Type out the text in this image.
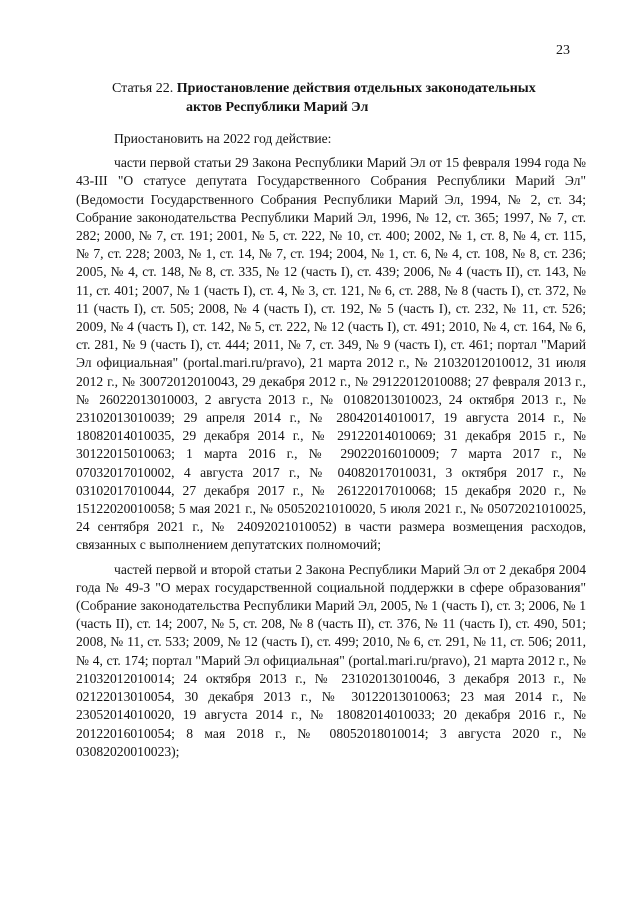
23
Статья 22. Приостановление действия отдельных законодательных
актов Республики Марий Эл

Приостановить на 2022 год действие:

части первой статьи 29 Закона Республики Марий Эл от 15 февраля 1994 года № 43-III "О статусе депутата Государственного Собрания Республики Марий Эл" (Ведомости Государственного Собрания Республики Марий Эл, 1994, № 2, ст. 34; Собрание законодательства Республики Марий Эл, 1996, № 12, ст. 365; 1997, № 7, ст. 282; 2000, № 7, ст. 191; 2001, № 5, ст. 222, № 10, ст. 400; 2002, № 1, ст. 8, № 4, ст. 115, № 7, ст. 228; 2003, № 1, ст. 14, № 7, ст. 194; 2004, № 1, ст. 6, № 4, ст. 108, № 8, ст. 236; 2005, № 4, ст. 148, № 8, ст. 335, № 12 (часть I), ст. 439; 2006, № 4 (часть II), ст. 143, № 11, ст. 401; 2007, № 1 (часть I), ст. 4, № 3, ст. 121, № 6, ст. 288, № 8 (часть I), ст. 372, № 11 (часть I), ст. 505; 2008, № 4 (часть I), ст. 192, № 5 (часть I), ст. 232, № 11, ст. 526; 2009, № 4 (часть I), ст. 142, № 5, ст. 222, № 12 (часть I), ст. 491; 2010, № 4, ст. 164, № 6, ст. 281, № 9 (часть I), ст. 444; 2011, № 7, ст. 349, № 9 (часть I), ст. 461; портал "Марий Эл официальная" (portal.mari.ru/pravo), 21 марта 2012 г., № 21032012010012, 31 июля 2012 г., № 30072012010043, 29 декабря 2012 г., № 29122012010088; 27 февраля 2013 г., № 26022013010003, 2 августа 2013 г., № 01082013010023, 24 октября 2013 г., № 23102013010039; 29 апреля 2014 г., № 28042014010017, 19 августа 2014 г., № 18082014010035, 29 декабря 2014 г., № 29122014010069; 31 декабря 2015 г., № 30122015010063; 1 марта 2016 г., № 29022016010009; 7 марта 2017 г., № 07032017010002, 4 августа 2017 г., № 04082017010031, 3 октября 2017 г., № 03102017010044, 27 декабря 2017 г., № 26122017010068; 15 декабря 2020 г., № 15122020010058; 5 мая 2021 г., № 05052021010020, 5 июля 2021 г., № 05072021010025, 24 сентября 2021 г., № 24092021010052) в части размера возмещения расходов, связанных с выполнением депутатских полномочий;

частей первой и второй статьи 2 Закона Республики Марий Эл от 2 декабря 2004 года № 49-З "О мерах государственной социальной поддержки в сфере образования" (Собрание законодательства Республики Марий Эл, 2005, № 1 (часть I), ст. 3; 2006, № 1 (часть II), ст. 14; 2007, № 5, ст. 208, № 8 (часть II), ст. 376, № 11 (часть I), ст. 490, 501; 2008, № 11, ст. 533; 2009, № 12 (часть I), ст. 499; 2010, № 6, ст. 291, № 11, ст. 506; 2011, № 4, ст. 174; портал "Марий Эл официальная" (portal.mari.ru/pravo), 21 марта 2012 г., № 21032012010014; 24 октября 2013 г., № 23102013010046, 3 декабря 2013 г., № 02122013010054, 30 декабря 2013 г., № 30122013010063; 23 мая 2014 г., № 23052014010020, 19 августа 2014 г., № 18082014010033; 20 декабря 2016 г., № 20122016010054; 8 мая 2018 г., № 08052018010014; 3 августа 2020 г., № 03082020010023);
